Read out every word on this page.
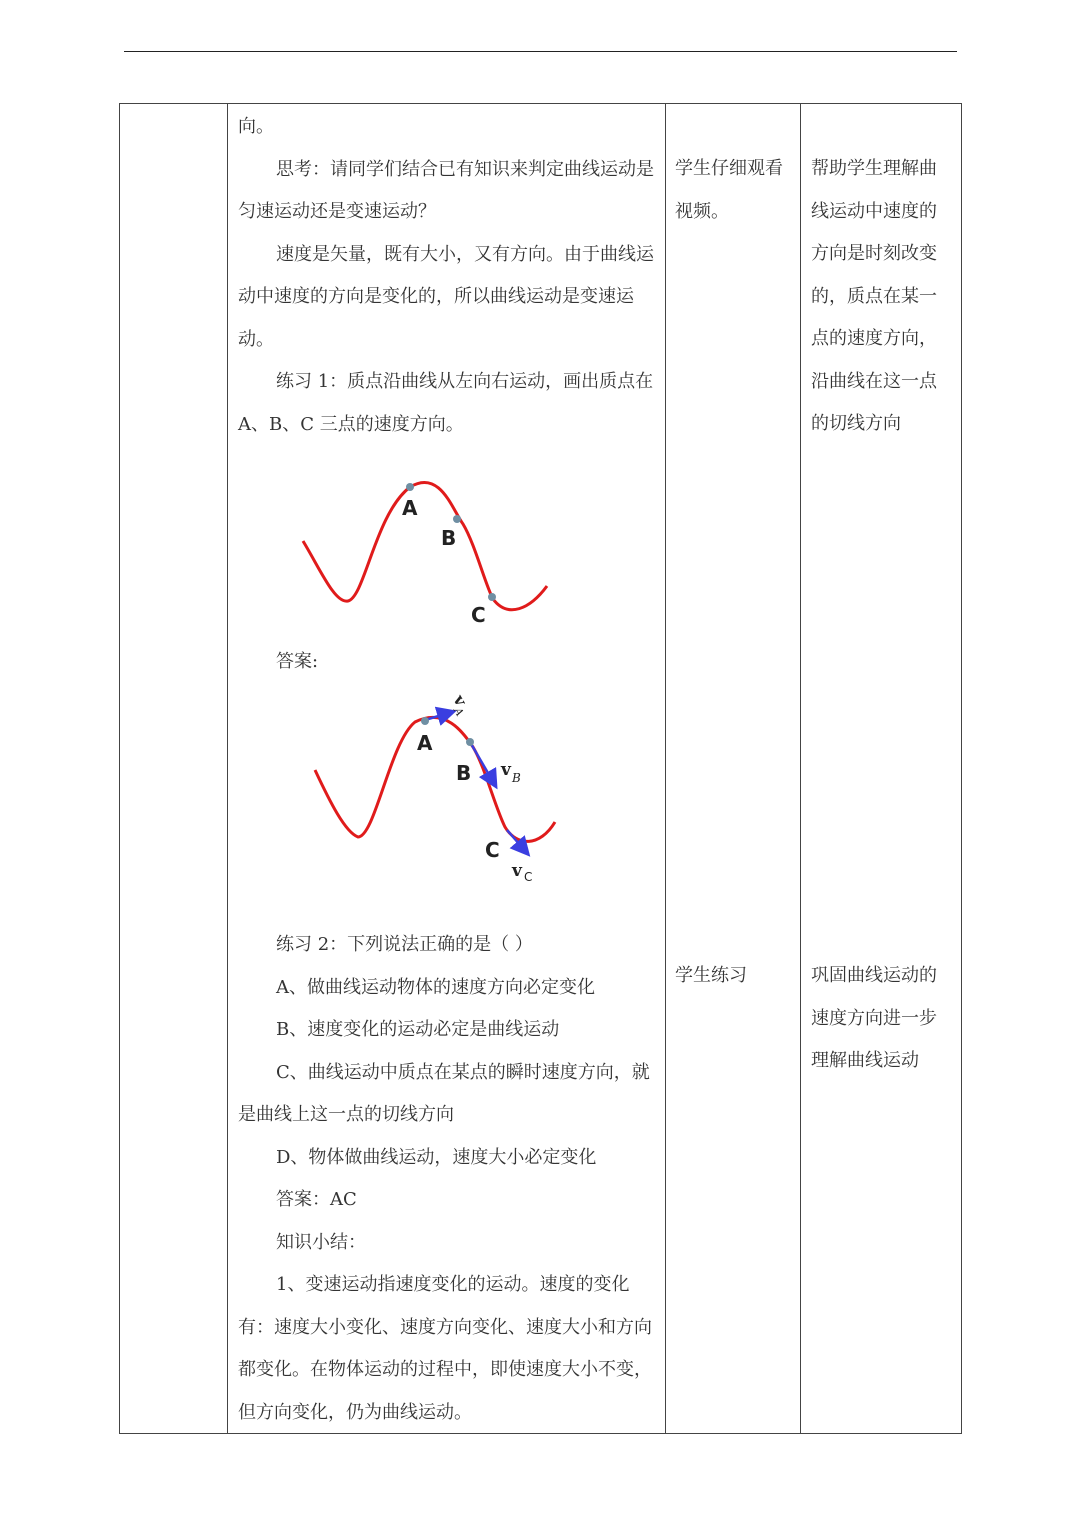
向。

思考：请同学们结合已有知识来判定曲线运动是匀速运动还是变速运动？

速度是矢量，既有大小，又有方向。由于曲线运动中速度的方向是变化的，所以曲线运动是变速运动。

练习 1：质点沿曲线从左向右运动，画出质点在 A、B、C 三点的速度方向。

A
B
C

答案:

A
B
C
v
A
v B
v C

练习 2：下列说法正确的是（ ）

A、做曲线运动物体的速度方向必定变化

B、速度变化的运动必定是曲线运动

C、曲线运动中质点在某点的瞬时速度方向，就是曲线上这一点的切线方向

D、物体做曲线运动，速度大小必定变化

答案：AC

知识小结：

1、变速运动指速度变化的运动。速度的变化有：速度大小变化、速度方向变化、速度大小和方向都变化。在物体运动的过程中，即使速度大小不变，但方向变化，仍为曲线运动。

学生仔细观看视频。

学生练习

帮助学生理解曲线运动中速度的方向是时刻改变的，质点在某一点的速度方向，沿曲线在这一点的切线方向

巩固曲线运动的速度方向进一步理解曲线运动
